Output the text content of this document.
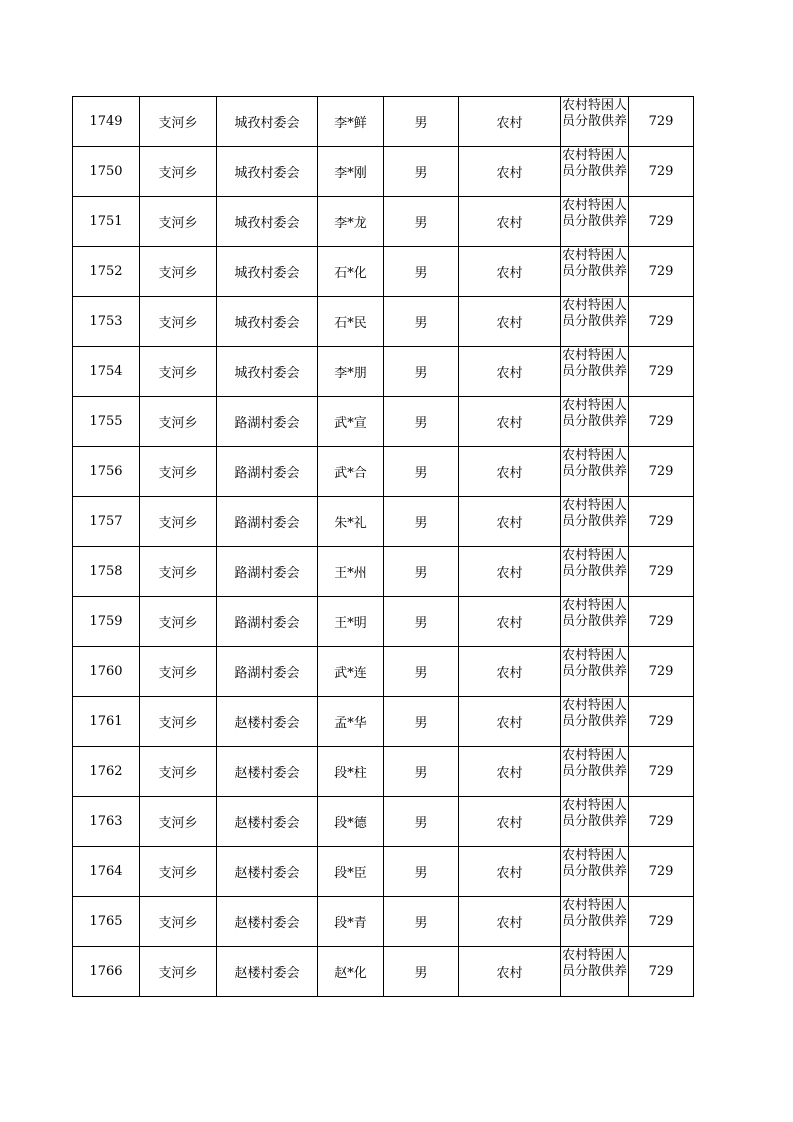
1749	支河乡	城孜村委会	李*鲜	男	农村	农村特困人员分散供养	729
1750	支河乡	城孜村委会	李*刚	男	农村	农村特困人员分散供养	729
1751	支河乡	城孜村委会	李*龙	男	农村	农村特困人员分散供养	729
1752	支河乡	城孜村委会	石*化	男	农村	农村特困人员分散供养	729
1753	支河乡	城孜村委会	石*民	男	农村	农村特困人员分散供养	729
1754	支河乡	城孜村委会	李*朋	男	农村	农村特困人员分散供养	729
1755	支河乡	路湖村委会	武*宣	男	农村	农村特困人员分散供养	729
1756	支河乡	路湖村委会	武*合	男	农村	农村特困人员分散供养	729
1757	支河乡	路湖村委会	朱*礼	男	农村	农村特困人员分散供养	729
1758	支河乡	路湖村委会	王*州	男	农村	农村特困人员分散供养	729
1759	支河乡	路湖村委会	王*明	男	农村	农村特困人员分散供养	729
1760	支河乡	路湖村委会	武*连	男	农村	农村特困人员分散供养	729
1761	支河乡	赵楼村委会	孟*华	男	农村	农村特困人员分散供养	729
1762	支河乡	赵楼村委会	段*柱	男	农村	农村特困人员分散供养	729
1763	支河乡	赵楼村委会	段*德	男	农村	农村特困人员分散供养	729
1764	支河乡	赵楼村委会	段*臣	男	农村	农村特困人员分散供养	729
1765	支河乡	赵楼村委会	段*青	男	农村	农村特困人员分散供养	729
1766	支河乡	赵楼村委会	赵*化	男	农村	农村特困人员分散供养	729
